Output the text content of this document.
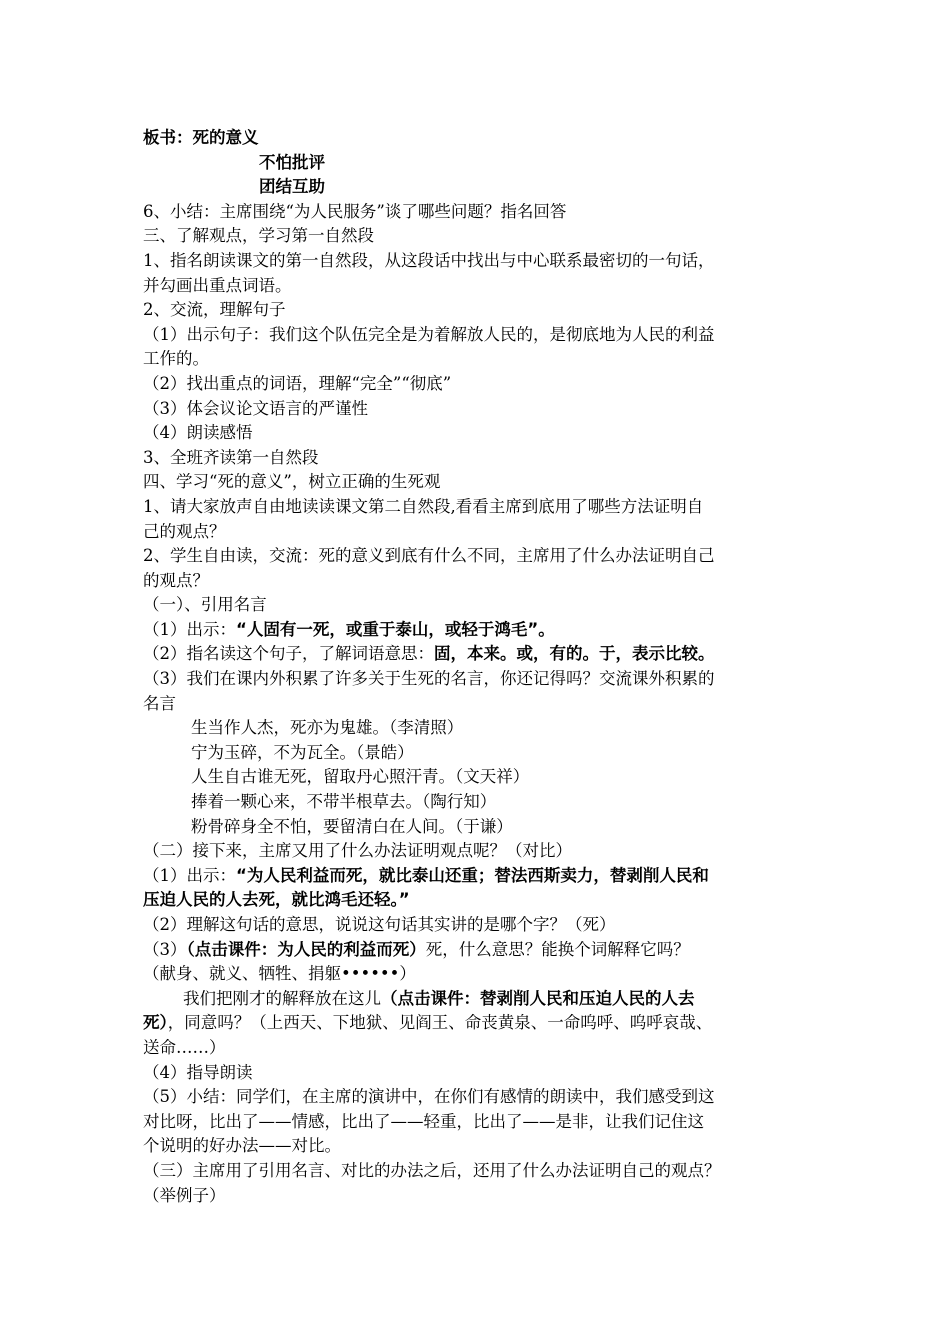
板书：死的意义
不怕批评
团结互助
6、小结：主席围绕“为人民服务”谈了哪些问题？指名回答
三、了解观点，学习第一自然段
1、指名朗读课文的第一自然段，从这段话中找出与中心联系最密切的一句话，
并勾画出重点词语。
2、交流，理解句子
（1）出示句子：我们这个队伍完全是为着解放人民的，是彻底地为人民的利益
工作的。
（2）找出重点的词语，理解“完全”“彻底”
（3）体会议论文语言的严谨性
（4）朗读感悟
3、全班齐读第一自然段
四、学习“死的意义”，树立正确的生死观
1、请大家放声自由地读读课文第二自然段,看看主席到底用了哪些方法证明自
己的观点？
2、学生自由读，交流：死的意义到底有什么不同，主席用了什么办法证明自己
的观点？
（一）、引用名言
（1）出示：“人固有一死，或重于泰山，或轻于鸿毛”。
（2）指名读这个句子，了解词语意思：固，本来。或，有的。于，表示比较。
（3）我们在课内外积累了许多关于生死的名言，你还记得吗？交流课外积累的
名言
生当作人杰，死亦为鬼雄。（李清照）
宁为玉碎，不为瓦全。（景皓）
人生自古谁无死，留取丹心照汗青。（文天祥）
捧着一颗心来，不带半根草去。（陶行知）
粉骨碎身全不怕，要留清白在人间。（于谦）
（二）接下来，主席又用了什么办法证明观点呢？（对比）
（1）出示：“为人民利益而死，就比泰山还重；替法西斯卖力，替剥削人民和
压迫人民的人去死，就比鸿毛还轻。”
（2）理解这句话的意思，说说这句话其实讲的是哪个字？（死）
（3）（点击课件：为人民的利益而死）死，什么意思？能换个词解释它吗？
（献身、就义、牺牲、捐躯••••••）
我们把刚才的解释放在这儿（点击课件：替剥削人民和压迫人民的人去
死），同意吗？（上西天、下地狱、见阎王、命丧黄泉、一命呜呼、呜呼哀哉、
送命……）
（4）指导朗读
（5）小结：同学们，在主席的演讲中，在你们有感情的朗读中，我们感受到这
对比呀，比出了——情感，比出了——轻重，比出了——是非，让我们记住这
个说明的好办法——对比。
（三）主席用了引用名言、对比的办法之后，还用了什么办法证明自己的观点？
（举例子）
